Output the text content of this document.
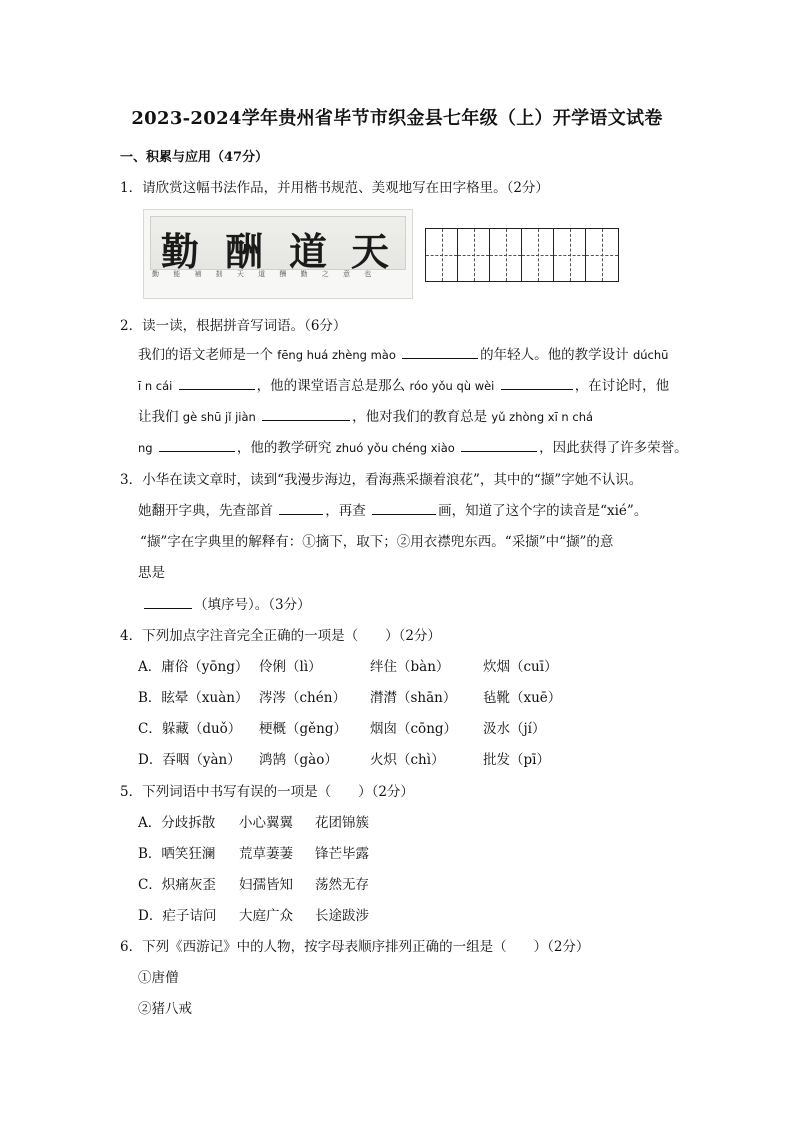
2023-2024学年贵州省毕节市织金县七年级（上）开学语文试卷
一、积累与应用（47分）
1．请欣赏这幅书法作品，并用楷书规范、美观地写在田字格里。（2分）
勤 酬 道 天
勤 能 補 拙 天 道 酬 勤 之 意 也
2．读一读，根据拼音写词语。（6分）
我们的语文老师是一个 fēng huá zhèng mào	的年轻人。他的教学设计 dúchū
ī n cái	，他的课堂语言总是那么 róo yǒu qù wèi	，在讨论时，他
让我们 gè shū jǐ jiàn	，他对我们的教育总是 yǔ zhòng xī n chá
ng	，他的教学研究 zhuó yǒu chéng xiào	，因此获得了许多荣誉。
3．小华在读文章时，读到“我漫步海边，看海燕采撷着浪花”，其中的“撷”字她不认识。
她翻开字典，先查部首	，再查	画，知道了这个字的读音是“xié”。
“撷”字在字典里的解释有：①摘下，取下；②用衣襟兜东西。“采撷”中“撷”的意
思是
（填序号）。（3分）
4．下列加点字注音完全正确的一项是（　　）（2分）
A．庸俗（yōng） 伶俐（lì）	绊住（bàn） 炊烟（cuī）
B．眩晕（xuàn） 涔涔（chén） 潸潸（shān） 毡靴（xuē）
C．躲藏（duǒ） 梗概（gěng） 烟囱（cōng） 汲水（jí）
D．吞咽（yàn） 鸿鹄（gào） 火炽（chì）	批发（pī）
5．下列词语中书写有误的一项是（　　）（2分）
A．分歧拆散 小心翼翼 花团锦簇
B．哂笑狂澜 荒草萋萋 锋芒毕露
C．炽痛灰歪 妇孺皆知 荡然无存
D．疟子诘问 大庭广众 长途跋涉
6．下列《西游记》中的人物，按字母表顺序排列正确的一组是（　　）（2分）
①唐僧
②猪八戒
